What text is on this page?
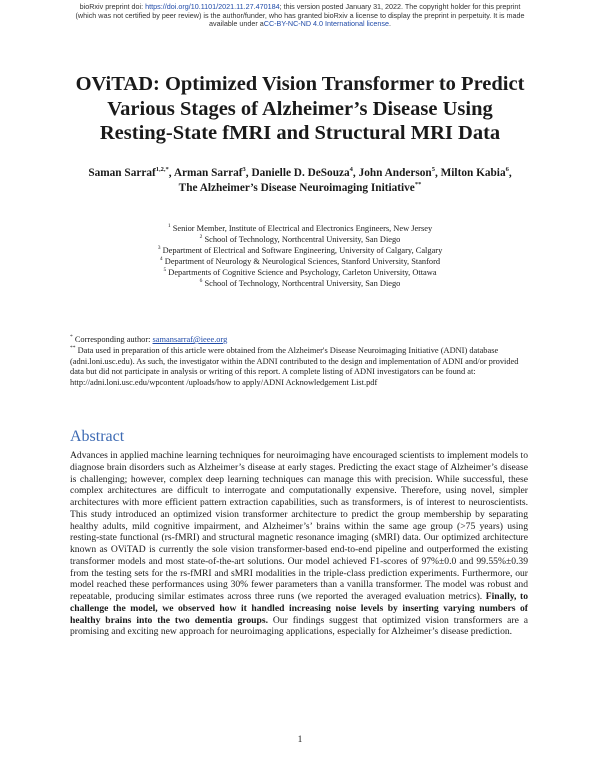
bioRxiv preprint doi: https://doi.org/10.1101/2021.11.27.470184; this version posted January 31, 2022. The copyright holder for this preprint
(which was not certified by peer review) is the author/funder, who has granted bioRxiv a license to display the preprint in perpetuity. It is made
available under aCC-BY-NC-ND 4.0 International license.
OViTAD: Optimized Vision Transformer to Predict
Various Stages of Alzheimer’s Disease Using
Resting-State fMRI and Structural MRI Data
Saman Sarraf$^{1,2,*}$, Arman Sarraf$^3$, Danielle D. DeSouza$^4$, John Anderson$^5$, Milton Kabia$^6$,
The Alzheimer’s Disease Neuroimaging Initiative**
$^1$ Senior Member, Institute of Electrical and Electronics Engineers, New Jersey
$^2$ School of Technology, Northcentral University, San Diego
$^3$ Department of Electrical and Software Engineering, University of Calgary, Calgary
$^4$ Department of Neurology & Neurological Sciences, Stanford University, Stanford
$^5$ Departments of Cognitive Science and Psychology, Carleton University, Ottawa
$^6$ School of Technology, Northcentral University, San Diego
* Corresponding author: samansarraf@ieee.org
** Data used in preparation of this article were obtained from the Alzheimer's Disease Neuroimaging Initiative (ADNI) database (adni.loni.usc.edu). As such, the investigator within the ADNI contributed to the design and implementation of ADNI and/or provided data but did not participate in analysis or writing of this report. A complete listing of ADNI investigators can be found at: http://adni.loni.usc.edu/wpcontent /uploads/how to apply/ADNI Acknowledgement List.pdf
Abstract
Advances in applied machine learning techniques for neuroimaging have encouraged scientists to implement models to diagnose brain disorders such as Alzheimer’s disease at early stages. Predicting the exact stage of Alzheimer’s disease is challenging; however, complex deep learning techniques can manage this with precision. While successful, these complex architectures are difficult to interrogate and computationally expensive. Therefore, using novel, simpler architectures with more efficient pattern extraction capabilities, such as transformers, is of interest to neuroscientists. This study introduced an optimized vision transformer architecture to predict the group membership by separating healthy adults, mild cognitive impairment, and Alzheimer’s’ brains within the same age group (>75 years) using resting-state functional (rs-fMRI) and structural magnetic resonance imaging (sMRI) data. Our optimized architecture known as OViTAD is currently the sole vision transformer-based end-to-end pipeline and outperformed the existing transformer models and most state-of-the-art solutions. Our model achieved F1-scores of 97%±0.0 and 99.55%±0.39 from the testing sets for the rs-fMRI and sMRI modalities in the triple-class prediction experiments. Furthermore, our model reached these performances using 30% fewer parameters than a vanilla transformer. The model was robust and repeatable, producing similar estimates across three runs (we reported the averaged evaluation metrics). Finally, to challenge the model, we observed how it handled increasing noise levels by inserting varying numbers of healthy brains into the two dementia groups. Our findings suggest that optimized vision transformers are a promising and exciting new approach for neuroimaging applications, especially for Alzheimer’s disease prediction.
1
